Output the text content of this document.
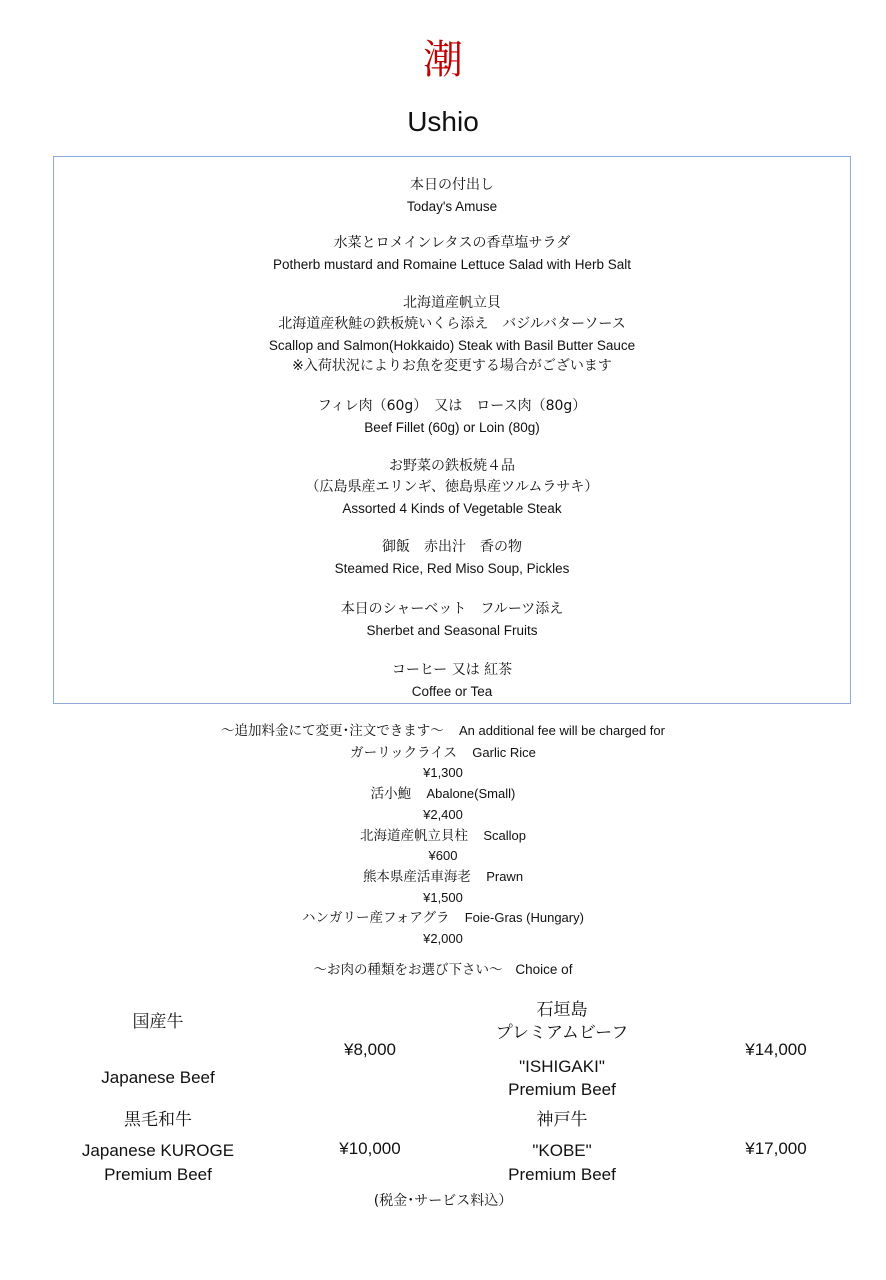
潮
Ushio
本日の付出し
Today's Amuse
水菜とロメインレタスの香草塩サラダ
Potherb mustard and Romaine Lettuce Salad with Herb Salt
北海道産帆立貝
北海道産秋鮭の鉄板焼いくら添え　バジルバターソース
Scallop and Salmon(Hokkaido) Steak with Basil Butter Sauce
※入荷状況によりお魚を変更する場合がございます
フィレ肉（60g）　又は　ロース肉（80g）
Beef Fillet (60g) or Loin (80g)
お野菜の鉄板焼４品
（広島県産エリンギ、徳島県産ツルムラサキ）
Assorted 4 Kinds of Vegetable Steak
御飯　赤出汁　香の物
Steamed Rice, Red Miso Soup, Pickles
本日のシャーベット　フルーツ添え
Sherbet and Seasonal Fruits
コーヒー 又は 紅茶
Coffee or Tea
～追加料金にて変更･注文できます～ An additional fee will be charged for
ガーリックライス Garlic Rice
¥1,300
活小鮑 Abalone(Small)
¥2,400
北海道産帆立貝柱 Scallop
¥600
熊本県産活車海老 Prawn
¥1,500
ハンガリー産フォアグラ Foie-Gras (Hungary)
¥2,000
～お肉の種類をお選び下さい～ Choice of
国産牛
Japanese Beef
¥8,000
石垣島
プレミアムビーフ
"ISHIGAKI"
Premium Beef
¥14,000
黒毛和牛
Japanese KUROGE
Premium Beef
¥10,000
神戸牛
"KOBE"
Premium Beef
¥17,000
(税金･サービス料込）
